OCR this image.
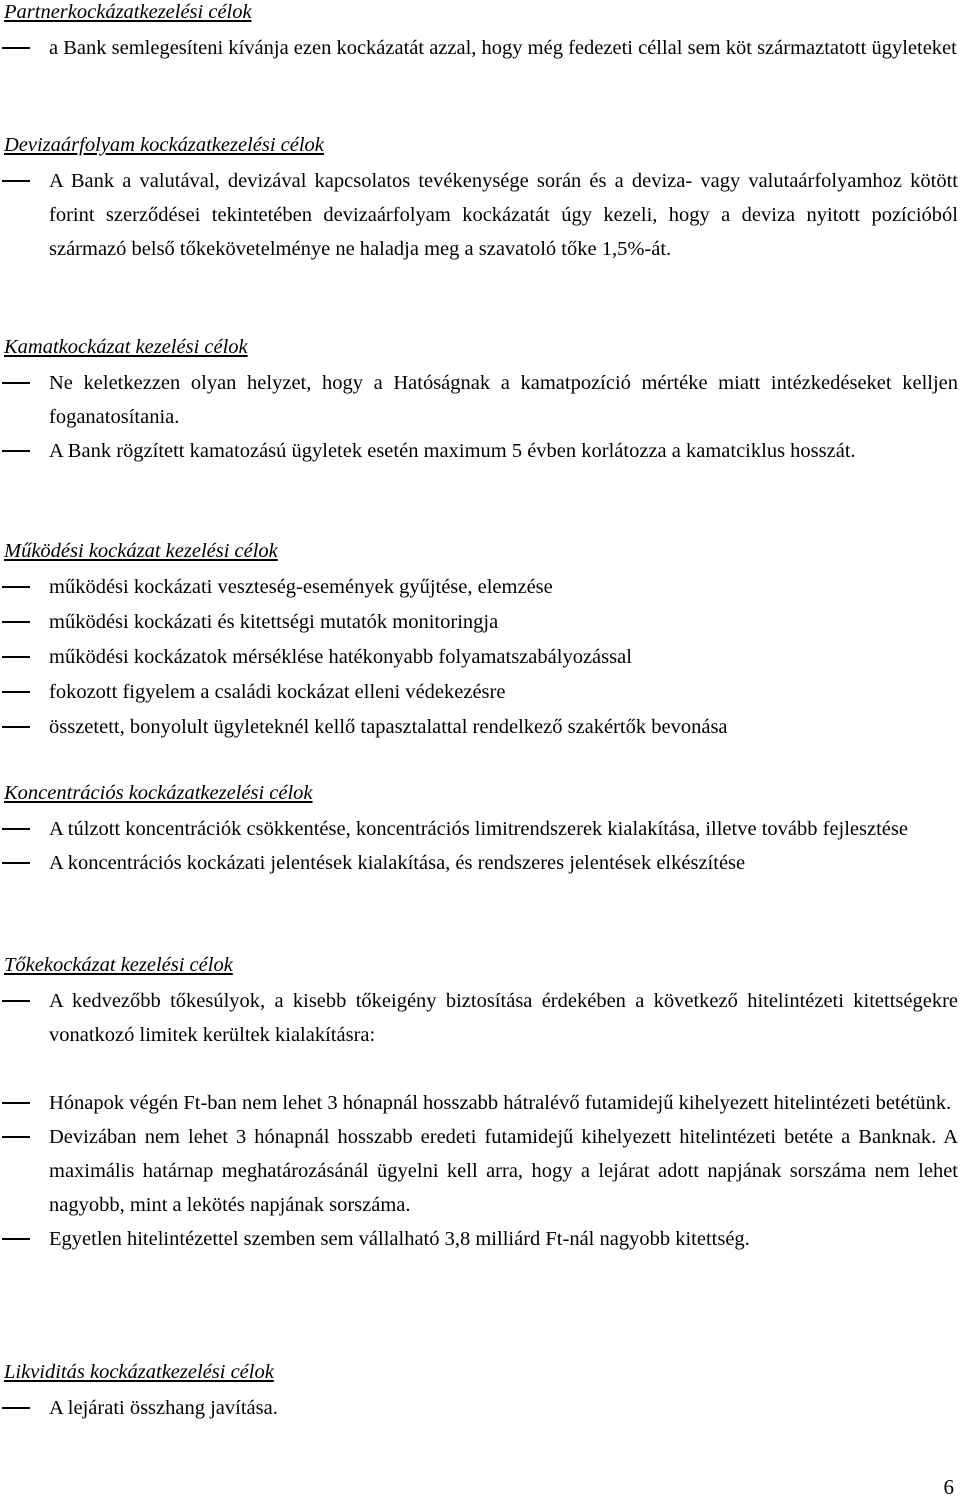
Partnerkockázatkezelési célok
a Bank semlegesíteni kívánja ezen kockázatát azzal, hogy még fedezeti céllal sem köt származtatott ügyleteket
Devizaárfolyam kockázatkezelési célok
A Bank a valutával, devizával kapcsolatos tevékenysége során és a deviza- vagy valutaárfolyamhoz kötött forint szerződései tekintetében devizaárfolyam kockázatát úgy kezeli, hogy a deviza nyitott pozícióból származó belső tőkekövetelménye ne haladja meg a szavatoló tőke 1,5%-át.
Kamatkockázat kezelési célok
Ne keletkezzen olyan helyzet, hogy a Hatóságnak a kamatpozíció mértéke miatt intézkedéseket kelljen foganatosítania.
A Bank rögzített kamatozású ügyletek esetén maximum 5 évben korlátozza a kamatciklus hosszát.
Működési kockázat kezelési célok
működési kockázati veszteség-események gyűjtése, elemzése
működési kockázati és kitettségi mutatók monitoringja
működési kockázatok mérséklése hatékonyabb folyamatszabályozással
fokozott figyelem a családi kockázat elleni védekezésre
összetett, bonyolult ügyleteknél kellő tapasztalattal rendelkező szakértők bevonása
Koncentrációs kockázatkezelési célok
A túlzott koncentrációk csökkentése, koncentrációs limitrendszerek kialakítása, illetve tovább fejlesztése
A koncentrációs kockázati jelentések kialakítása, és rendszeres jelentések elkészítése
Tőkekockázat kezelési célok
A kedvezőbb tőkesúlyok, a kisebb tőkeigény biztosítása érdekében a következő hitelintézeti kitettségekre vonatkozó limitek kerültek kialakításra:
Hónapok végén Ft-ban nem lehet 3 hónapnál hosszabb hátralévő futamidejű kihelyezett hitelintézeti betétünk.
Devizában nem lehet 3 hónapnál hosszabb eredeti futamidejű kihelyezett hitelintézeti betéte a Banknak. A maximális határnap meghatározásánál ügyelni kell arra, hogy a lejárat adott napjának sorszáma nem lehet nagyobb, mint a lekötés napjának sorszáma.
Egyetlen hitelintézettel szemben sem vállalható 3,8 milliárd Ft-nál nagyobb kitettség.
Likviditás kockázatkezelési célok
A lejárati összhang javítása.
6
